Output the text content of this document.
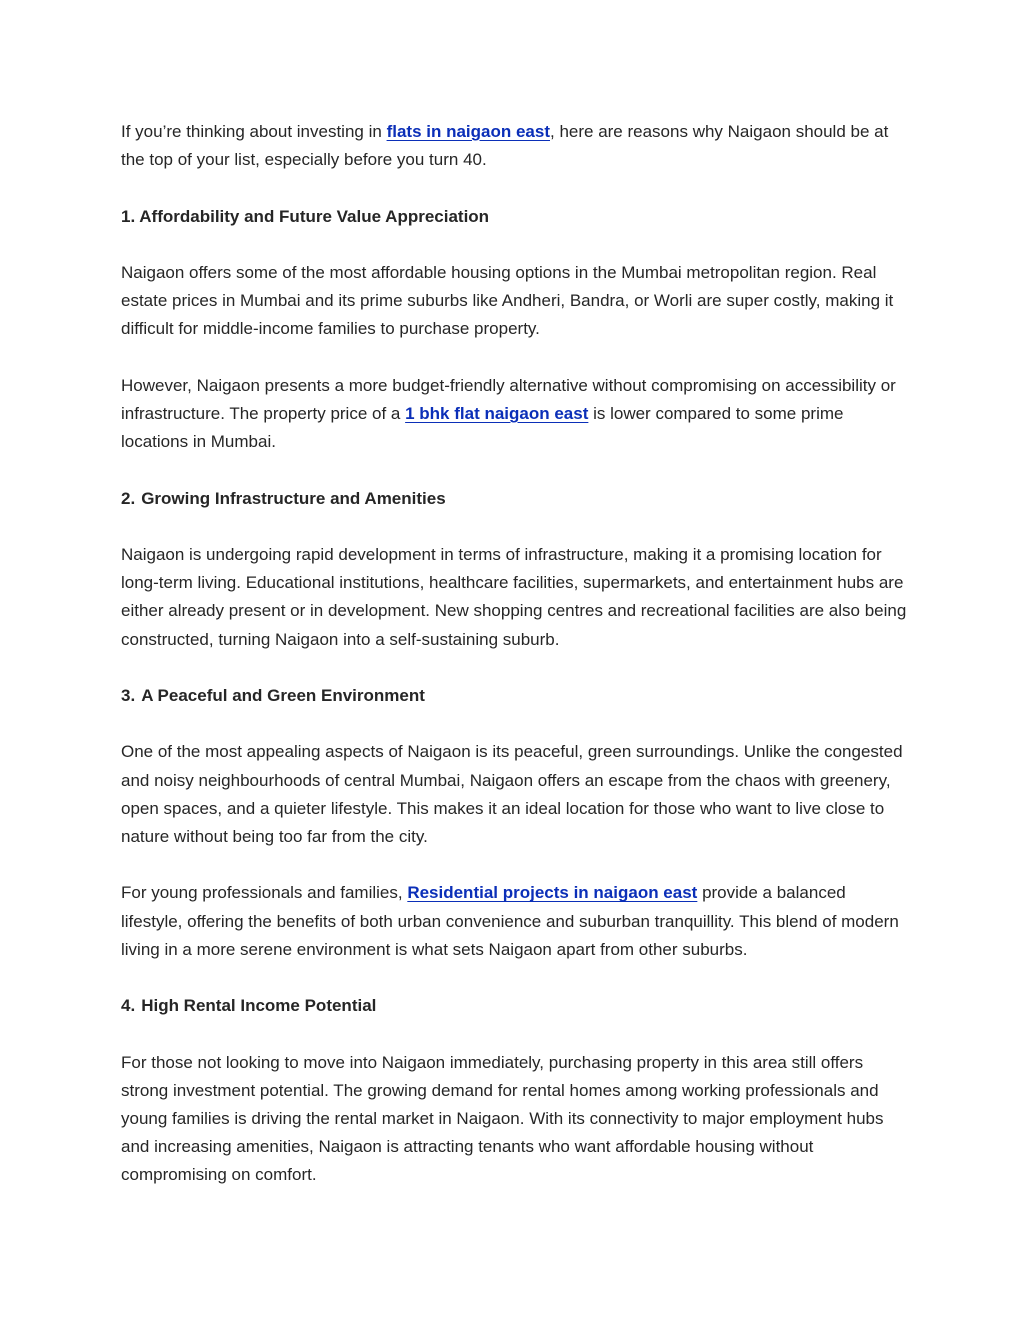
If you’re thinking about investing in flats in naigaon east, here are reasons why Naigaon should be at the top of your list, especially before you turn 40.

1. Affordability and Future Value Appreciation

Naigaon offers some of the most affordable housing options in the Mumbai metropolitan region. Real estate prices in Mumbai and its prime suburbs like Andheri, Bandra, or Worli are super costly, making it difficult for middle-income families to purchase property.

However, Naigaon presents a more budget-friendly alternative without compromising on accessibility or infrastructure. The property price of a 1 bhk flat naigaon east is lower compared to some prime locations in Mumbai.

2. Growing Infrastructure and Amenities

Naigaon is undergoing rapid development in terms of infrastructure, making it a promising location for long-term living. Educational institutions, healthcare facilities, supermarkets, and entertainment hubs are either already present or in development. New shopping centres and recreational facilities are also being constructed, turning Naigaon into a self-sustaining suburb.

3. A Peaceful and Green Environment

One of the most appealing aspects of Naigaon is its peaceful, green surroundings. Unlike the congested and noisy neighbourhoods of central Mumbai, Naigaon offers an escape from the chaos with greenery, open spaces, and a quieter lifestyle. This makes it an ideal location for those who want to live close to nature without being too far from the city.

For young professionals and families, Residential projects in naigaon east provide a balanced lifestyle, offering the benefits of both urban convenience and suburban tranquillity. This blend of modern living in a more serene environment is what sets Naigaon apart from other suburbs.

4. High Rental Income Potential

For those not looking to move into Naigaon immediately, purchasing property in this area still offers strong investment potential. The growing demand for rental homes among working professionals and young families is driving the rental market in Naigaon. With its connectivity to major employment hubs and increasing amenities, Naigaon is attracting tenants who want affordable housing without compromising on comfort.
